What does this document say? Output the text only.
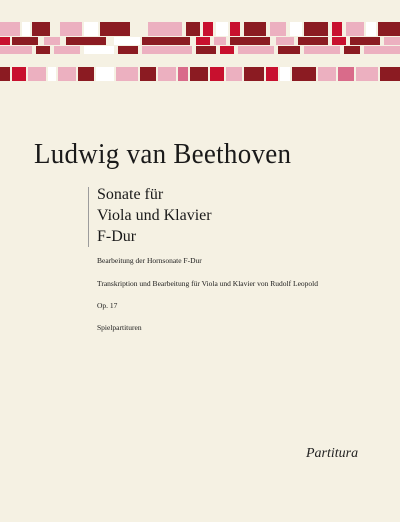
Ludwig van Beethoven
Sonate für
Viola und Klavier
F-Dur
Bearbeitung der Hornsonate F-Dur
Transkription und Bearbeitung für Viola und Klavier von Rudolf Leopold
Op. 17
Spielpartituren
Partitura
